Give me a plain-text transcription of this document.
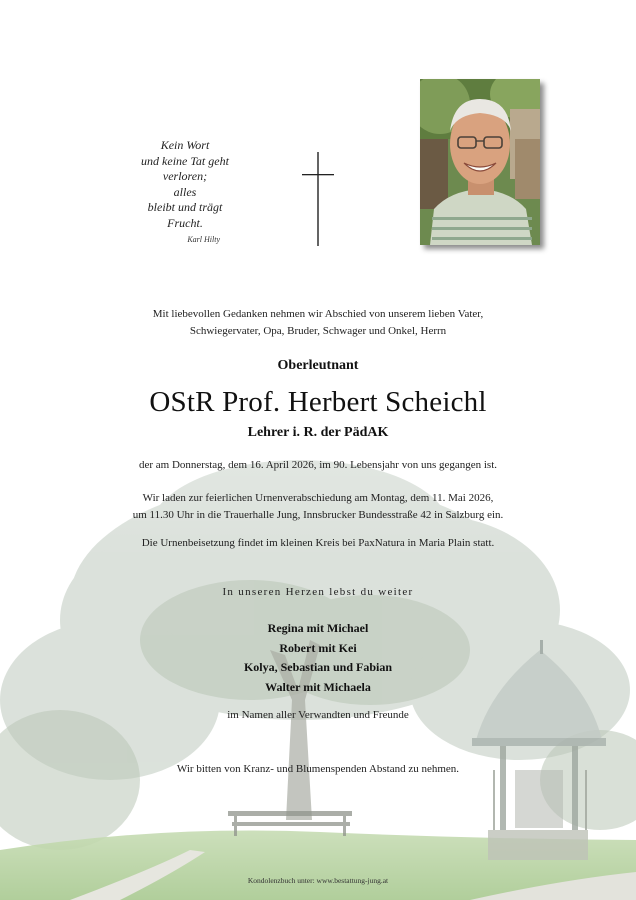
Kein Wort
und keine Tat geht
verloren;
alles
bleibt und trägt
Frucht.
Karl Hilty
Mit liebevollen Gedanken nehmen wir Abschied von unserem lieben Vater,
Schwiegervater, Opa, Bruder, Schwager und Onkel, Herrn
Oberleutnant
OStR Prof. Herbert Scheichl
Lehrer i. R. der PädAK
der am Donnerstag, dem 16. April 2026, im 90. Lebensjahr von uns gegangen ist.
Wir laden zur feierlichen Urnenverabschiedung am Montag, dem 11. Mai 2026,
um 11.30 Uhr in die Trauerhalle Jung, Innsbrucker Bundesstraße 42 in Salzburg ein.
Die Urnenbeisetzung findet im kleinen Kreis bei PaxNatura in Maria Plain statt.
In unseren Herzen lebst du weiter
Regina mit Michael
Robert mit Kei
Kolya, Sebastian und Fabian
Walter mit Michaela
im Namen aller Verwandten und Freunde
Wir bitten von Kranz- und Blumenspenden Abstand zu nehmen.
Kondolenzbuch unter: www.bestattung-jung.at
